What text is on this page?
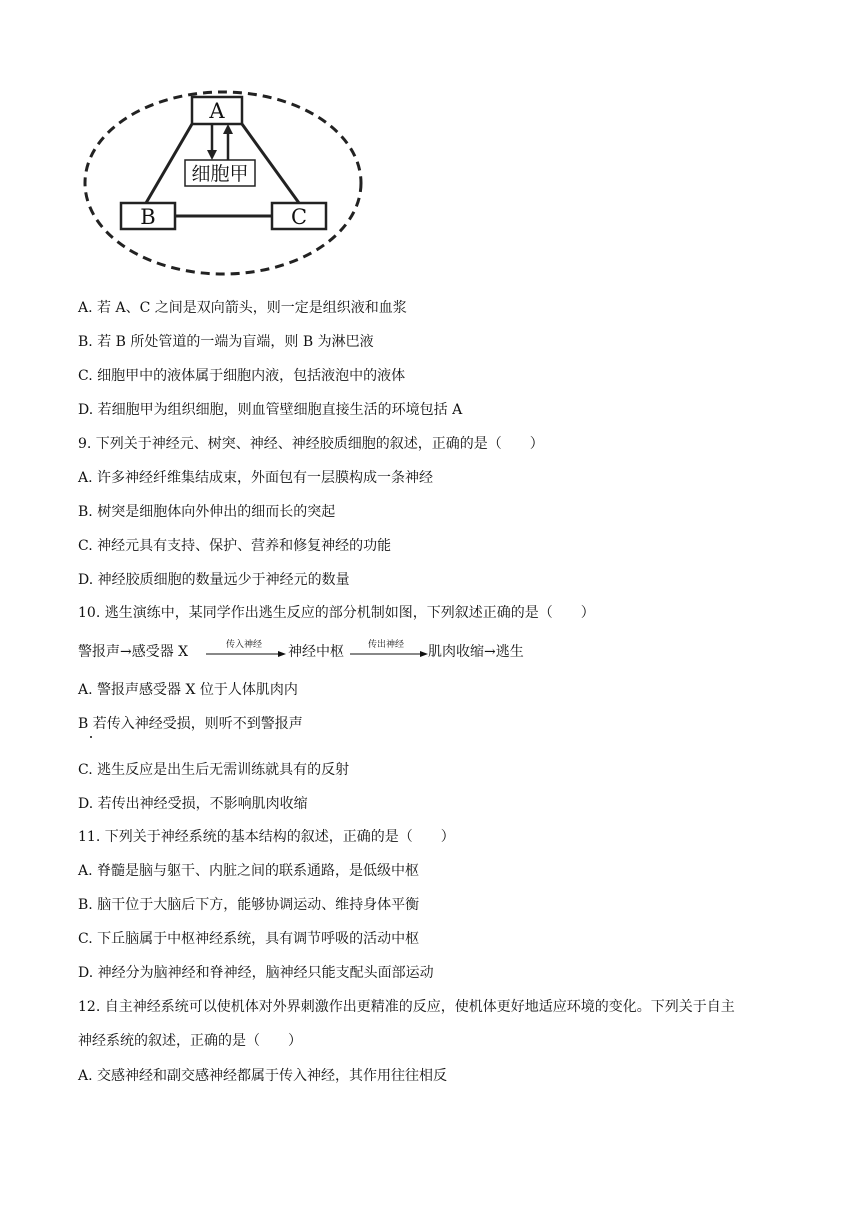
A
细胞甲
B	C
A. 若 A、C 之间是双向箭头，则一定是组织液和血浆
B. 若 B 所处管道的一端为盲端，则 B 为淋巴液
C. 细胞甲中的液体属于细胞内液，包括液泡中的液体
D. 若细胞甲为组织细胞，则血管壁细胞直接生活的环境包括 A
9. 下列关于神经元、树突、神经、神经胶质细胞的叙述，正确的是（　　）
A. 许多神经纤维集结成束，外面包有一层膜构成一条神经
B. 树突是细胞体向外伸出的细而长的突起
C. 神经元具有支持、保护、营养和修复神经的功能
D. 神经胶质细胞的数量远少于神经元的数量
10. 逃生演练中，某同学作出逃生反应的部分机制如图，下列叙述正确的是（　　）
警报声→感受器 X	传入神经 神经中枢	传出神经 肌肉收缩→逃生
A. 警报声感受器 X 位于人体肌肉内
B 若传入神经受损，则听不到警报声
C. 逃生反应是出生后无需训练就具有的反射
D. 若传出神经受损，不影响肌肉收缩
11. 下列关于神经系统的基本结构的叙述，正确的是（　　）
A. 脊髓是脑与躯干、内脏之间的联系通路，是低级中枢
B. 脑干位于大脑后下方，能够协调运动、维持身体平衡
C. 下丘脑属于中枢神经系统，具有调节呼吸的活动中枢
D. 神经分为脑神经和脊神经，脑神经只能支配头面部运动
12. 自主神经系统可以使机体对外界刺激作出更精准的反应，使机体更好地适应环境的变化。下列关于自主
神经系统的叙述，正确的是（　　）
A. 交感神经和副交感神经都属于传入神经，其作用往往相反
